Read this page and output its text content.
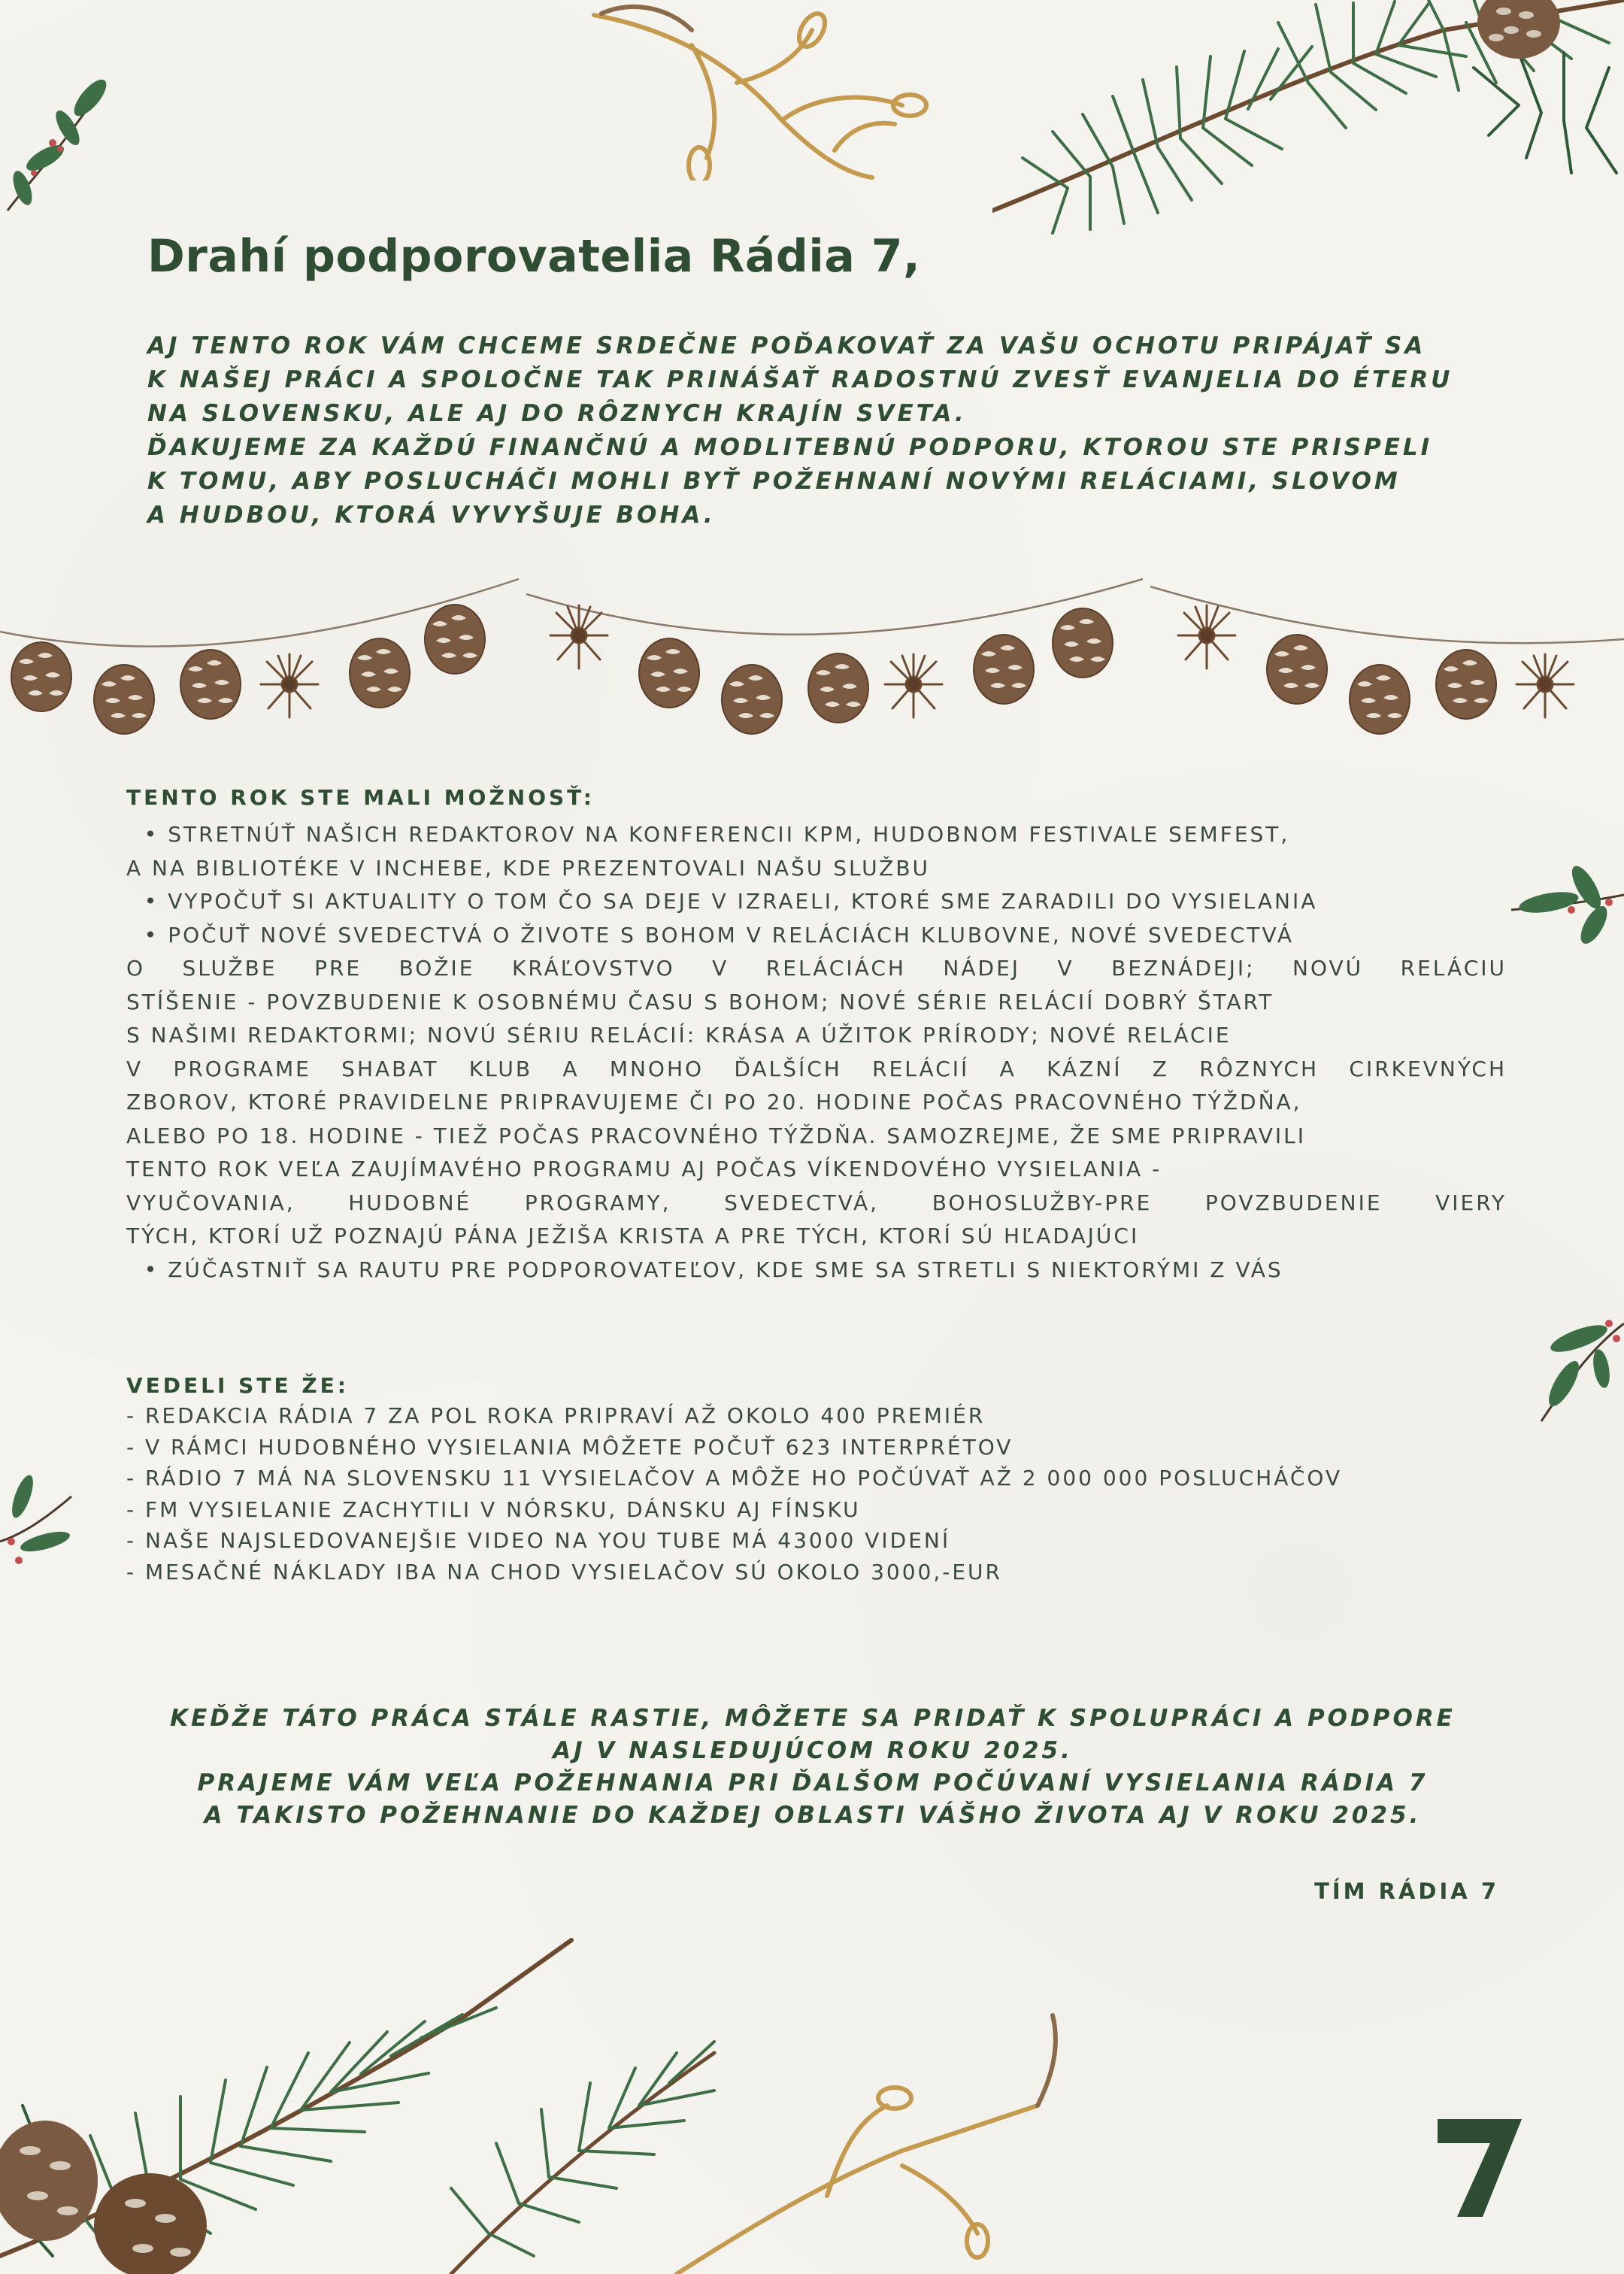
Drahí podporovatelia Rádia 7,

AJ TENTO ROK VÁM CHCEME SRDEČNE POĎAKOVAŤ ZA VAŠU OCHOTU PRIPÁJAŤ SA
K NAŠEJ PRÁCI A SPOLOČNE TAK PRINÁŠAŤ RADOSTNÚ ZVESŤ EVANJELIA DO ÉTERU
NA SLOVENSKU, ALE AJ DO RÔZNYCH KRAJÍN SVETA.
ĎAKUJEME ZA KAŽDÚ FINANČNÚ A MODLITEBNÚ PODPORU, KTOROU STE PRISPELI
K TOMU, ABY POSLUCHÁČI MOHLI BYŤ POŽEHNANÍ NOVÝMI RELÁCIAMI, SLOVOM
A HUDBOU, KTORÁ VYVYŠUJE BOHA.

TENTO ROK STE MALI MOŽNOSŤ:
• STRETNÚŤ NAŠICH REDAKTOROV NA KONFERENCII KPM, HUDOBNOM FESTIVALE SEMFEST,
A NA BIBLIOTÉKE V INCHEBE, KDE PREZENTOVALI NAŠU SLUŽBU
• VYPOČUŤ SI AKTUALITY O TOM ČO SA DEJE V IZRAELI, KTORÉ SME ZARADILI DO VYSIELANIA
• POČUŤ NOVÉ SVEDECTVÁ O ŽIVOTE S BOHOM V RELÁCIÁCH KLUBOVNE, NOVÉ SVEDECTVÁ
O SLUŽBE PRE BOŽIE KRÁĽOVSTVO V RELÁCIÁCH NÁDEJ V BEZNÁDEJI; NOVÚ RELÁCIU
STÍŠENIE - POVZBUDENIE K OSOBNÉMU ČASU S BOHOM; NOVÉ SÉRIE RELÁCIÍ DOBRÝ ŠTART
S NAŠIMI REDAKTORMI; NOVÚ SÉRIU RELÁCIÍ: KRÁSA A ÚŽITOK PRÍRODY; NOVÉ RELÁCIE
V PROGRAME SHABAT KLUB A MNOHO ĎALŠÍCH RELÁCIÍ A KÁZNÍ Z RÔZNYCH CIRKEVNÝCH
ZBOROV, KTORÉ PRAVIDELNE PRIPRAVUJEME ČI PO 20. HODINE POČAS PRACOVNÉHO TÝŽDŇA,
ALEBO PO 18. HODINE - TIEŽ POČAS PRACOVNÉHO TÝŽDŇA. SAMOZREJME, ŽE SME PRIPRAVILI
TENTO ROK VEĽA ZAUJÍMAVÉHO PROGRAMU AJ POČAS VÍKENDOVÉHO VYSIELANIA -
VYUČOVANIA, HUDOBNÉ PROGRAMY, SVEDECTVÁ, BOHOSLUŽBY-PRE POVZBUDENIE VIERY
TÝCH, KTORÍ UŽ POZNAJÚ PÁNA JEŽIŠA KRISTA A PRE TÝCH, KTORÍ SÚ HĽADAJÚCI
• ZÚČASTNIŤ SA RAUTU PRE PODPOROVATEĽOV, KDE SME SA STRETLI S NIEKTORÝMI Z VÁS
VEDELI STE ŽE:
- REDAKCIA RÁDIA 7 ZA POL ROKA PRIPRAVÍ AŽ OKOLO 400 PREMIÉR
- V RÁMCI HUDOBNÉHO VYSIELANIA MÔŽETE POČUŤ 623 INTERPRÉTOV
- RÁDIO 7 MÁ NA SLOVENSKU 11 VYSIELAČOV A MÔŽE HO POČÚVAŤ AŽ 2 000 000 POSLUCHÁČOV
- FM VYSIELANIE ZACHYTILI V NÓRSKU, DÁNSKU AJ FÍNSKU
- NAŠE NAJSLEDOVANEJŠIE VIDEO NA YOU TUBE MÁ 43000 VIDENÍ
- MESAČNÉ NÁKLADY IBA NA CHOD VYSIELAČOV SÚ OKOLO 3000,-EUR

KEĎŽE TÁTO PRÁCA STÁLE RASTIE, MÔŽETE SA PRIDAŤ K SPOLUPRÁCI A PODPORE
AJ V NASLEDUJÚCOM ROKU 2025.
PRAJEME VÁM VEĽA POŽEHNANIA PRI ĎALŠOM POČÚVANÍ VYSIELANIA RÁDIA 7
A TAKISTO POŽEHNANIE DO KAŽDEJ OBLASTI VÁŠHO ŽIVOTA AJ V ROKU 2025.

TÍM RÁDIA 7
